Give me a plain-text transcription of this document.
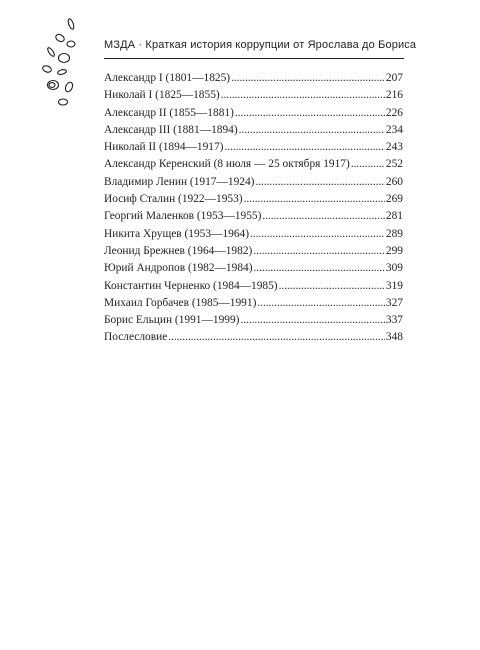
МЗДА · Краткая история коррупции от Ярослава до Бориса
Александр I (1801—1825) . . .	207
Николай I (1825—1855) . . .	216
Александр II (1855—1881) . . .	226
Александр III (1881—1894) . . .	234
Николай II (1894—1917) . . .	243
Александр Керенский (8 июля — 25 октября 1917) . . .	252
Владимир Ленин (1917—1924) . . .	260
Иосиф Сталин (1922—1953) . . .	269
Георгий Маленков (1953—1955) . . .	281
Никита Хрущев (1953—1964) . . .	289
Леонид Брежнев (1964—1982) . . .	299
Юрий Андропов (1982—1984) . . .	309
Константин Черненко (1984—1985) . . .	319
Михаил Горбачев (1985—1991) . . .	327
Борис Ельцин (1991—1999) . . .	337
Послесловие . . .	348
